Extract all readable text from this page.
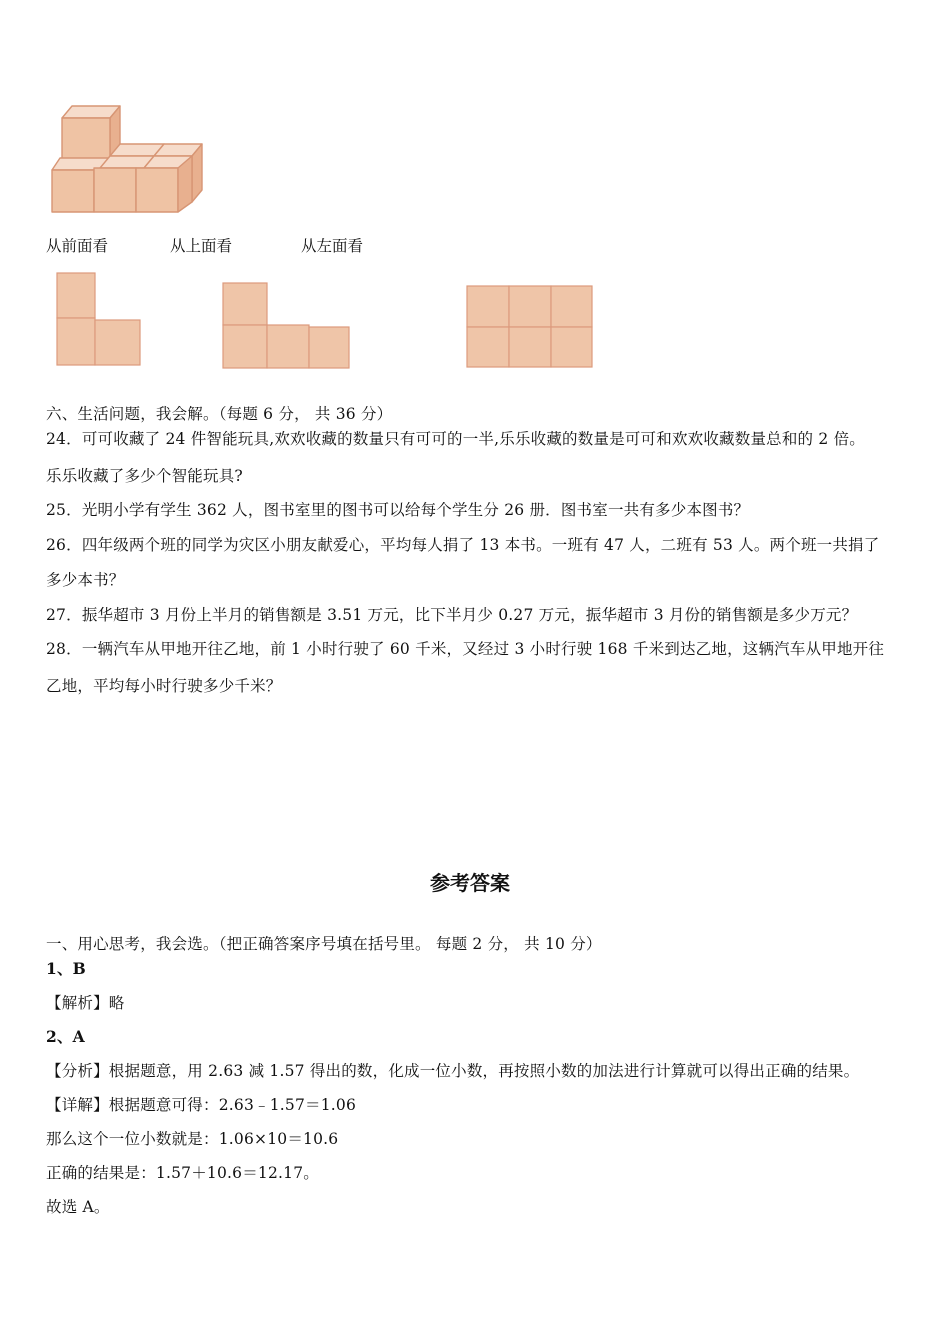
从前面看	从上面看	从左面看
六、生活问题，我会解。（每题 6 分， 共 36 分）
24．可可收藏了 24 件智能玩具,欢欢收藏的数量只有可可的一半,乐乐收藏的数量是可可和欢欢收藏数量总和的 2 倍。
乐乐收藏了多少个智能玩具?
25．光明小学有学生 362 人，图书室里的图书可以给每个学生分 26 册．图书室一共有多少本图书？
26．四年级两个班的同学为灾区小朋友献爱心，平均每人捐了 13 本书。一班有 47 人，二班有 53 人。两个班一共捐了
多少本书？
27．振华超市 3 月份上半月的销售额是 3.51 万元，比下半月少 0.27 万元，振华超市 3 月份的销售额是多少万元？
28．一辆汽车从甲地开往乙地，前 1 小时行驶了 60 千米，又经过 3 小时行驶 168 千米到达乙地，这辆汽车从甲地开往
乙地，平均每小时行驶多少千米？
参考答案
一、用心思考，我会选。（把正确答案序号填在括号里。 每题 2 分， 共 10 分）
1、B
【解析】略
2、A
【分析】根据题意，用 2.63 减 1.57 得出的数，化成一位小数，再按照小数的加法进行计算就可以得出正确的结果。
【详解】根据题意可得：2.63﹣1.57＝1.06
那么这个一位小数就是：1.06×10＝10.6
正确的结果是：1.57＋10.6＝12.17。
故选 A。
